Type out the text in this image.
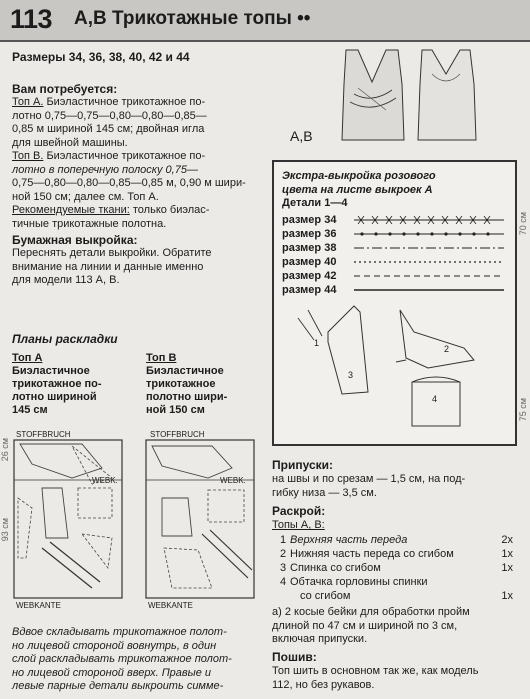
113 А,В Трикотажные топы ••
Размеры 34, 36, 38, 40, 42 и 44
Вам потребуется:
Топ А. Биэластичное трикотажное по-
лотно 0,75—0,75—0,80—0,80—0,85—
0,85 м шириной 145 см; двойная игла
для швейной машины.
Топ В. Биэластичное трикотажное по-
лотно в поперечную полоску 0,75—
0,75—0,80—0,80—0,85—0,85 м, 0,90 м шири-
ной 150 см; далее см. Топ А.
Рекомендуемые ткани: только биэлас-
тичные трикотажные полотна.
Бумажная выкройка:
Переснять детали выкройки. Обратите
внимание на линии и данные именно
для модели 113 А, В.
Планы раскладки
Топ А
Биэластичное
трикотажное по-
лотно шириной
145 см
Топ В
Биэластичное
трикотажное
полотно шири-
ной 150 см
STOFFBRUCH	STOFFBRUCH
WEBK.	WEBK.
WEBKANTE	WEBKANTE
26 см
93 см
Вдвое складывать трикотажное полот-
но лицевой стороной вовнутрь, в один
слой раскладывать трикотажное полот-
но лицевой стороной вверх. Правые и
левые парные детали выкроить симме-
А,В
Экстра-выкройка розового
цвета на листе выкроек А
Детали 1—4
размер 34
размер 36
размер 38
размер 40
размер 42
размер 44
1
2
3
4
70 см
75 см
Припуски:
на швы и по срезам — 1,5 см, на под-
гибку низа — 3,5 см.
Раскрой:
Топы А, В:
1 Верхняя часть переда	2x
2 Нижняя часть переда со сгибом	1x
3 Спинка со сгибом	1x
4 Обтачка горловины спинки
со сгибом	1x
а) 2 косые бейки для обработки пройм
длиной по 47 см и шириной по 3 см,
включая припуски.
Пошив:
Топ шить в основном так же, как модель
112, но без рукавов.
